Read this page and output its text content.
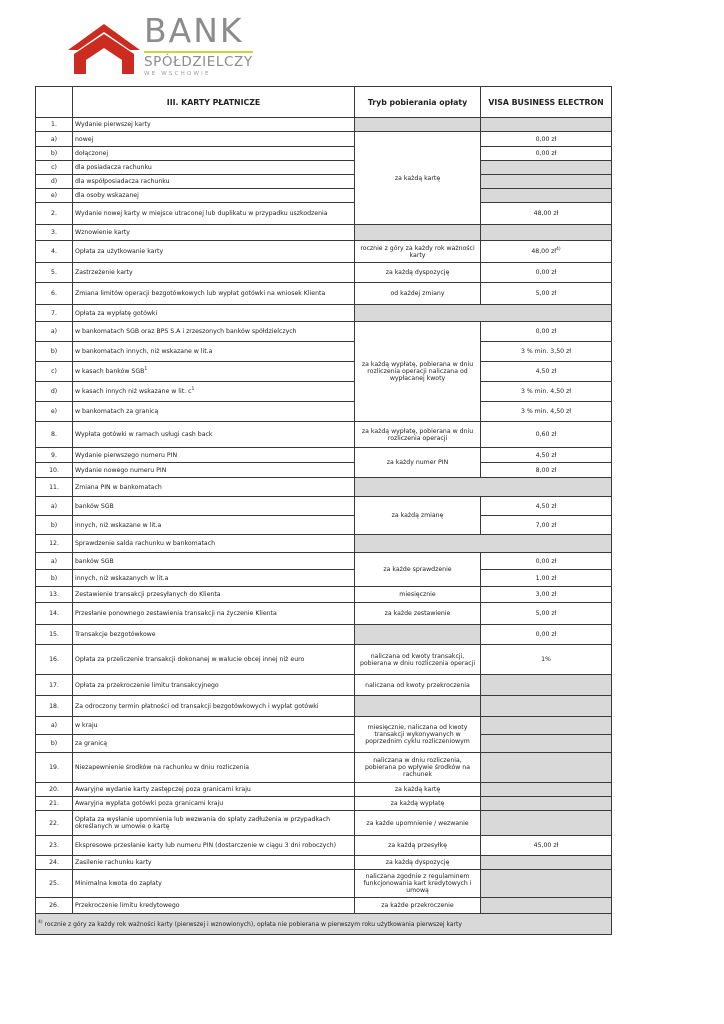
BANK
SPÓŁDZIELCZY
WE WSCHOWIE
	III. KARTY PŁATNICZE	Tryb pobierania opłaty	VISA BUSINESS ELECTRON
1.	Wydanie pierwszej karty		
a)	nowej	za każdą kartę	0,00 zł
b)	dołączonej		0,00 zł
c)	dla posiadacza rachunku		
d)	dla współposiadacza rachunku		
e)	dla osoby wskazanej		
2.	Wydanie nowej karty w miejsce utraconej lub duplikatu w przypadku uszkodzenia		48,00 zł
3.	Wznowienie karty		
4.	Opłata za użytkowanie karty	rocznie z góry za każdy rok ważności karty	48,00 $zł^{4)}$
5.	Zastrzeżenie karty	za każdą dyspozycję	0,00 zł
6.	Zmiana limitów operacji bezgotówkowych lub wypłat gotówki na wniosek Klienta	od każdej zmiany	5,00 zł
7.	Opłata za wypłatę gotówki		
a)	w bankomatach SGB oraz BPS S.A i zrzeszonych banków spółdzielczych	za każdą wypłatę, pobierana w dniu rozliczenia operacji naliczana od wypłacanej kwoty	0,00 zł
b)	w bankomatach innych, niż wskazane w lit.a		3 % min. 3,50 zł
c)	w kasach banków SGB$^1$		4,50 zł
d)	w kasach innych niż wskazane w lit. $c^1$		3 % min. 4,50 zł
e)	w bankomatach za granicą		3 % min. 4,50 zł
8.	Wypłata gotówki w ramach usługi cash back	za każdą wypłatę, pobierana w dniu rozliczenia operacji	0,60 zł
9.	Wydanie pierwszego numeru PIN	za każdy numer PIN	4,50 zł
10.	Wydanie nowego numeru PIN		8,00 zł
11.	Zmiana PIN w bankomatach		
a)	banków SGB	za każdą zmianę	4,50 zł
b)	innych, niż wskazane w lit.a		7,00 zł
12.	Sprawdzenie salda rachunku w bankomatach		
a)	banków SGB	za każde sprawdzenie	0,00 zł
b)	innych, niż wskazanych w lit.a		1,00 zł
13.	Zestawienie transakcji przesyłanych do Klienta	miesięcznie	3,00 zł
14.	Przesłanie ponownego zestawienia transakcji na życzenie Klienta	za każde zestawienie	5,00 zł
15.	Transakcje bezgotówkowe		0,00 zł
16.	Opłata za przeliczenie transakcji dokonanej w walucie obcej innej niż euro	naliczana od kwoty transakcji, pobierana w dniu rozliczenia operacji	1%
17.	Opłata za przekroczenie limitu transakcyjnego	naliczana od kwoty przekroczenia	
18.	Za odroczony termin płatności od transakcji bezgotówkowych i wypłat gotówki		
a)	w kraju	miesięcznie, naliczana od kwoty transakcji wykonywanych w poprzednim cyklu rozliczeniowym	
b)	za granicą		
19.	Niezapewnienie środków na rachunku w dniu rozliczenia	naliczana w dniu rozliczenia, pobierana po wpływie środków na rachunek	
20.	Awaryjne wydanie karty zastępczej poza granicami kraju	za każdą kartę	
21.	Awaryjna wypłata gotówki poza granicami kraju	za każdą wypłatę	
22.	Opłata za wysłanie upomnienia lub wezwania do spłaty zadłużenia w przypadkach określanych w umowie o kartę	za każde upomnienie / wezwanie	
23.	Ekspresowe przesłanie karty lub numeru PIN (dostarczenie w ciągu 3 dni roboczych)	za każdą przesyłkę	45,00 zł
24.	Zasilenie rachunku karty	za każdą dyspozycję	
25.	Minimalna kwota do zapłaty	naliczana zgodnie z regulaminem funkcjonowania kart kredytowych i umową	
26.	Przekroczenie limitu kredytowego	za każde przekroczenie	
$^{4)}$ rocznie z góry za każdy rok ważności karty (pierwszej i wznowionych), opłata nie pobierana w pierwszym roku użytkowania pierwszej karty			
